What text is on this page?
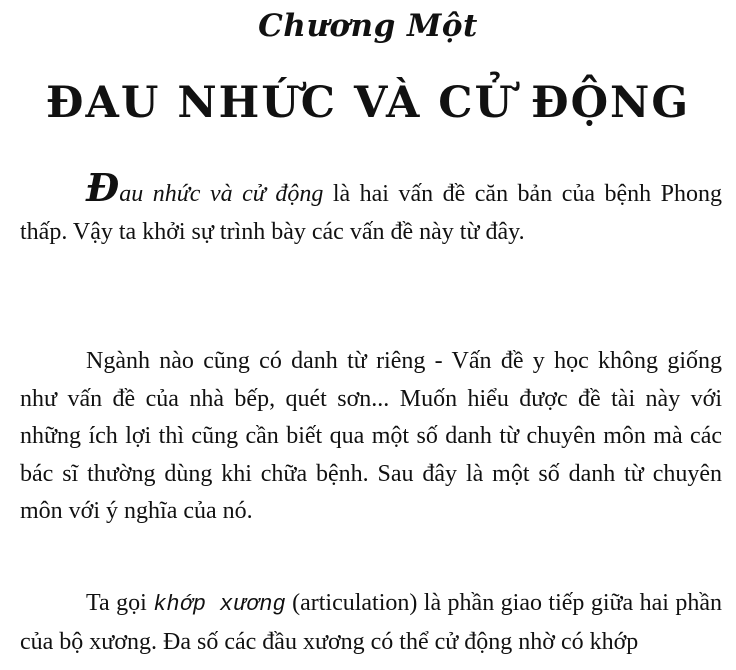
Chương Một
ĐAU NHỨC VÀ CỬ ĐỘNG

Đau nhức và cử động là hai vấn đề căn bản của bệnh Phong thấp. Vậy ta khởi sự trình bày các vấn đề này từ đây.

Ngành nào cũng có danh từ riêng - Vấn đề y học không giống như vấn đề của nhà bếp, quét sơn... Muốn hiểu được đề tài này với những ích lợi thì cũng cần biết qua một số danh từ chuyên môn mà các bác sĩ thường dùng khi chữa bệnh. Sau đây là một số danh từ chuyên môn với ý nghĩa của nó.

Ta gọi khớp xương (articulation) là phần giao tiếp giữa hai phần của bộ xương. Đa số các đầu xương có thể cử động nhờ có khớp
